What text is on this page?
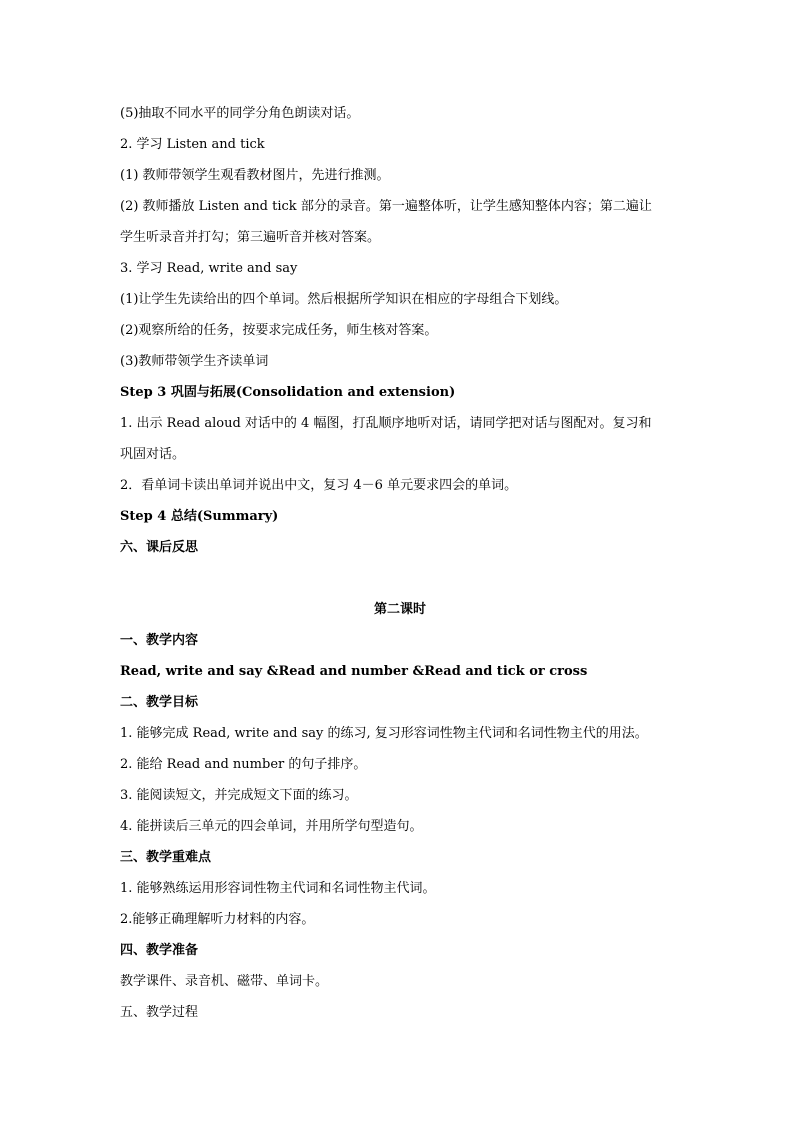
(5)抽取不同水平的同学分角色朗读对话。
2. 学习 Listen and tick
(1) 教师带领学生观看教材图片，先进行推测。
(2) 教师播放 Listen and tick 部分的录音。第一遍整体听，让学生感知整体内容；第二遍让
学生听录音并打勾；第三遍听音并核对答案。
3. 学习 Read, write and say
(1)让学生先读给出的四个单词。然后根据所学知识在相应的字母组合下划线。
(2)观察所给的任务，按要求完成任务，师生核对答案。
(3)教师带领学生齐读单词
Step 3 巩固与拓展(Consolidation and extension)
1. 出示 Read aloud 对话中的 4 幅图，打乱顺序地听对话，请同学把对话与图配对。复习和
巩固对话。
2．看单词卡读出单词并说出中文，复习 4－6 单元要求四会的单词。
Step 4 总结(Summary)
六、课后反思
第二课时
一、教学内容
Read, write and say &Read and number &Read and tick or cross
二、教学目标
1. 能够完成 Read, write and say 的练习, 复习形容词性物主代词和名词性物主代的用法。
2. 能给 Read and number 的句子排序。
3. 能阅读短文，并完成短文下面的练习。
4. 能拼读后三单元的四会单词，并用所学句型造句。
三、教学重难点
1. 能够熟练运用形容词性物主代词和名词性物主代词。
2.能够正确理解听力材料的内容。
四、教学准备
教学课件、录音机、磁带、单词卡。
五、教学过程
